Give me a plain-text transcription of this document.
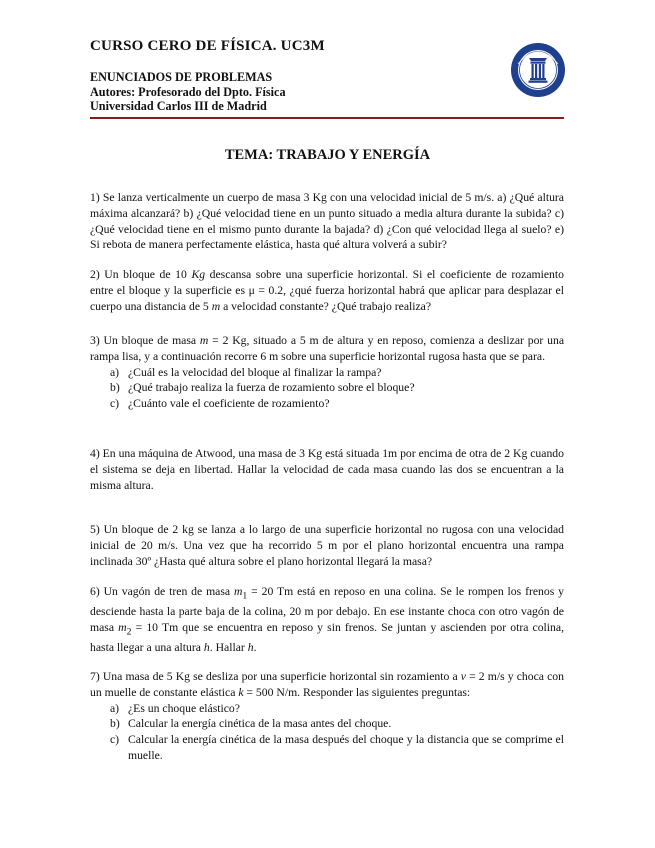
CURSO CERO DE FÍSICA. UC3M
ENUNCIADOS DE PROBLEMAS
Autores: Profesorado del Dpto. Física
Universidad Carlos III de Madrid
TEMA: TRABAJO Y ENERGÍA

1) Se lanza verticalmente un cuerpo de masa 3 Kg con una velocidad inicial de 5 m/s. a) ¿Qué altura máxima alcanzará? b) ¿Qué velocidad tiene en un punto situado a media altura durante la subida? c) ¿Qué velocidad tiene en el mismo punto durante la bajada? d) ¿Con qué velocidad llega al suelo? e) Si rebota de manera perfectamente elástica, hasta qué altura volverá a subir?

2) Un bloque de 10 Kg descansa sobre una superficie horizontal. Si el coeficiente de rozamiento entre el bloque y la superficie es μ = 0.2, ¿qué fuerza horizontal habrá que aplicar para desplazar el cuerpo una distancia de 5 m a velocidad constante? ¿Qué trabajo realiza?

3) Un bloque de masa m = 2 Kg, situado a 5 m de altura y en reposo, comienza a deslizar por una rampa lisa, y a continuación recorre 6 m sobre una superficie horizontal rugosa hasta que se para.

a) ¿Cuál es la velocidad del bloque al finalizar la rampa?
b) ¿Qué trabajo realiza la fuerza de rozamiento sobre el bloque?
c) ¿Cuánto vale el coeficiente de rozamiento?

4) En una máquina de Atwood, una masa de 3 Kg está situada 1m por encima de otra de 2 Kg cuando el sistema se deja en libertad. Hallar la velocidad de cada masa cuando las dos se encuentran a la misma altura.

5) Un bloque de 2 kg se lanza a lo largo de una superficie horizontal no rugosa con una velocidad inicial de 20 m/s. Una vez que ha recorrido 5 m por el plano horizontal encuentra una rampa inclinada 30º ¿Hasta qué altura sobre el plano horizontal llegará la masa?

6) Un vagón de tren de masa $m_1 = 20$ Tm está en reposo en una colina. Se le rompen los frenos y desciende hasta la parte baja de la colina, 20 m por debajo. En ese instante choca con otro vagón de masa $m_2 = 10$ Tm que se encuentra en reposo y sin frenos. Se juntan y ascienden por otra colina, hasta llegar a una altura h. Hallar h.

7) Una masa de 5 Kg se desliza por una superficie horizontal sin rozamiento a v = 2 m/s y choca con un muelle de constante elástica k = 500 N/m. Responder las siguientes preguntas:

a) ¿Es un choque elástico?
b) Calcular la energía cinética de la masa antes del choque.
c) Calcular la energía cinética de la masa después del choque y la distancia que se comprime el muelle.
